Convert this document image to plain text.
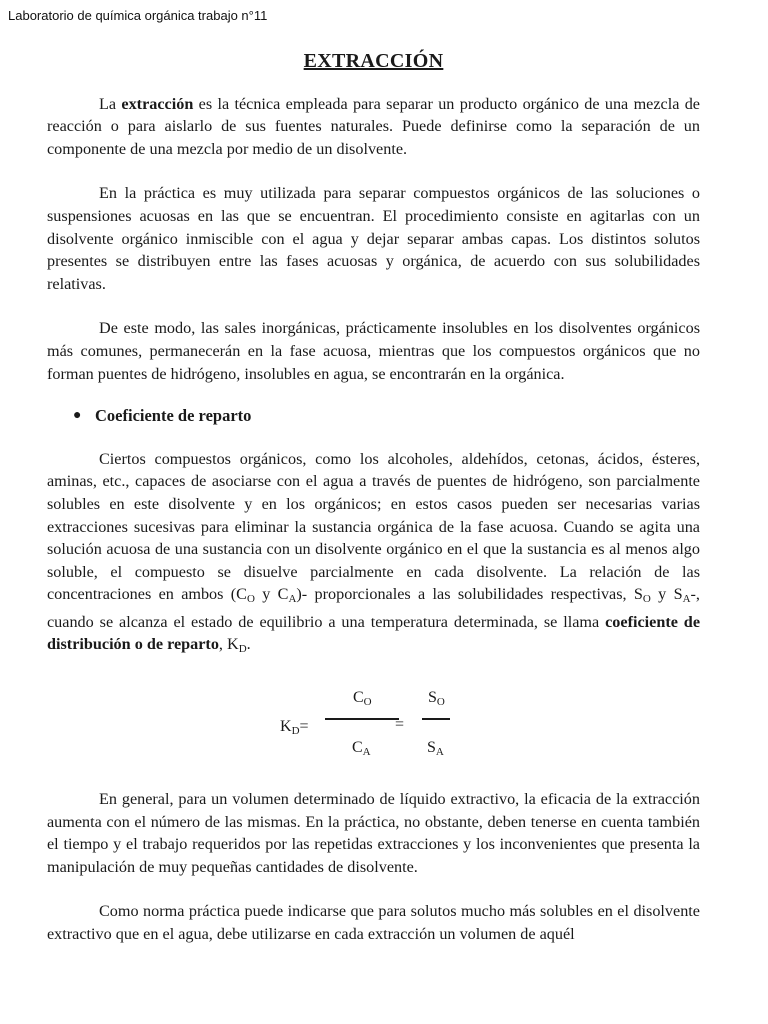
Laboratorio de química orgánica trabajo n°11
EXTRACCIÓN

La extracción es la técnica empleada para separar un producto orgánico de una mezcla de reacción o para aislarlo de sus fuentes naturales. Puede definirse como la separación de un componente de una mezcla por medio de un disolvente.

En la práctica es muy utilizada para separar compuestos orgánicos de las soluciones o suspensiones acuosas en las que se encuentran. El procedimiento consiste en agitarlas con un disolvente orgánico inmiscible con el agua y dejar separar ambas capas. Los distintos solutos presentes se distribuyen entre las fases acuosas y orgánica, de acuerdo con sus solubilidades relativas.

De este modo, las sales inorgánicas, prácticamente insolubles en los disolventes orgánicos más comunes, permanecerán en la fase acuosa, mientras que los compuestos orgánicos que no forman puentes de hidrógeno, insolubles en agua, se encontrarán en la orgánica.

● Coeficiente de reparto

Ciertos compuestos orgánicos, como los alcoholes, aldehídos, cetonas, ácidos, ésteres, aminas, etc., capaces de asociarse con el agua a través de puentes de hidrógeno, son parcialmente solubles en este disolvente y en los orgánicos; en estos casos pueden ser necesarias varias extracciones sucesivas para eliminar la sustancia orgánica de la fase acuosa. Cuando se agita una solución acuosa de una sustancia con un disolvente orgánico en el que la sustancia es al menos algo soluble, el compuesto se disuelve parcialmente en cada disolvente. La relación de las concentraciones en ambos ($C_O$ y $C_A)-$ proporcionales a las solubilidades respectivas, $S_O$ y $S_A-$, cuando se alcanza el estado de equilibrio a una temperatura determinada, se llama coeficiente de distribución o de reparto, $K_D$.

$K_D=$
$C_O$
$C_A$
=
$S_O$
$S_A$

En general, para un volumen determinado de líquido extractivo, la eficacia de la extracción aumenta con el número de las mismas. En la práctica, no obstante, deben tenerse en cuenta también el tiempo y el trabajo requeridos por las repetidas extracciones y los inconvenientes que presenta la manipulación de muy pequeñas cantidades de disolvente.

Como norma práctica puede indicarse que para solutos mucho más solubles en el disolvente extractivo que en el agua, debe utilizarse en cada extracción un volumen de aquél
